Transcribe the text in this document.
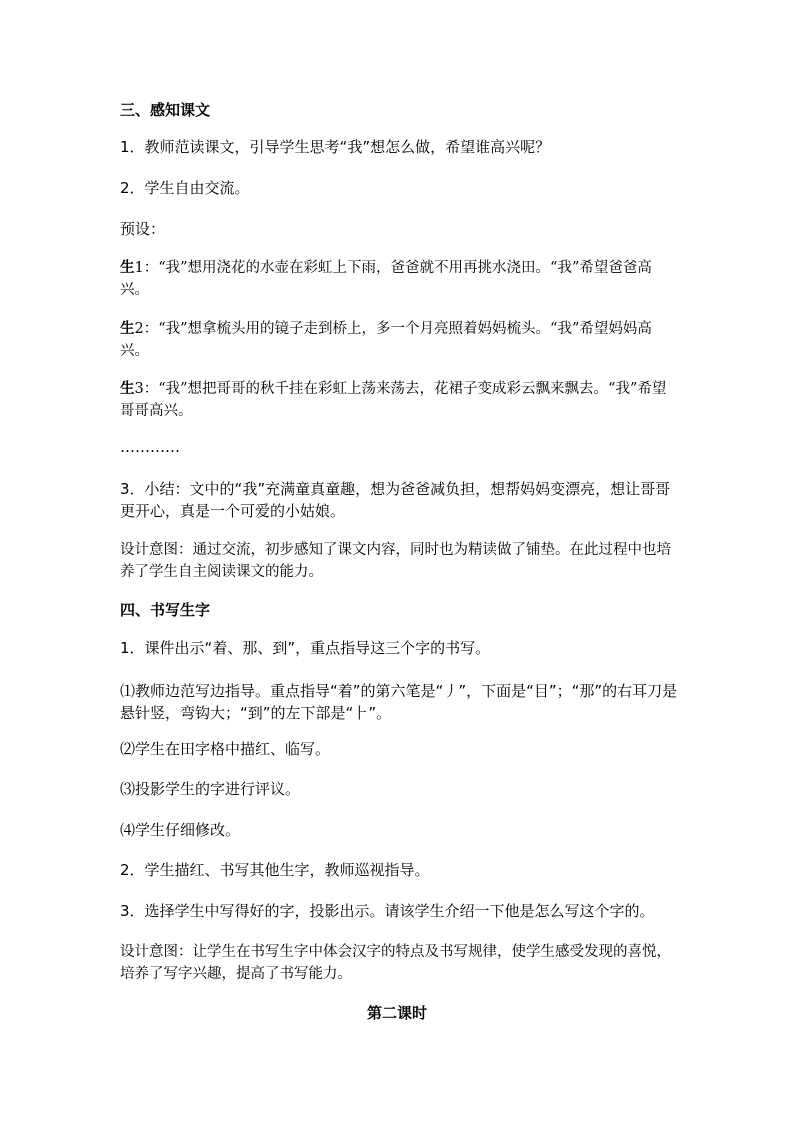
三、感知课文

1．教师范读课文，引导学生思考“我”想怎么做，希望谁高兴呢？

2．学生自由交流。

预设：

生1：“我”想用浇花的水壶在彩虹上下雨，爸爸就不用再挑水浇田。“我”希望爸爸高兴。

生2：“我”想拿梳头用的镜子走到桥上，多一个月亮照着妈妈梳头。“我”希望妈妈高兴。

生3：“我”想把哥哥的秋千挂在彩虹上荡来荡去，花裙子变成彩云飘来飘去。“我”希望哥哥高兴。

…………

3．小结：文中的“我”充满童真童趣，想为爸爸减负担，想帮妈妈变漂亮，想让哥哥更开心，真是一个可爱的小姑娘。

设计意图：通过交流，初步感知了课文内容，同时也为精读做了铺垫。在此过程中也培养了学生自主阅读课文的能力。

四、书写生字

1．课件出示“着、那、到”，重点指导这三个字的书写。

⑴教师边范写边指导。重点指导“着”的第六笔是“丿”，下面是“目”；“那”的右耳刀是悬针竖，弯钩大；“到”的左下部是“⺊”。

⑵学生在田字格中描红、临写。

⑶投影学生的字进行评议。

⑷学生仔细修改。

2．学生描红、书写其他生字，教师巡视指导。

3．选择学生中写得好的字，投影出示。请该学生介绍一下他是怎么写这个字的。

设计意图：让学生在书写生字中体会汉字的特点及书写规律，使学生感受发现的喜悦，培养了写字兴趣，提高了书写能力。

第二课时
